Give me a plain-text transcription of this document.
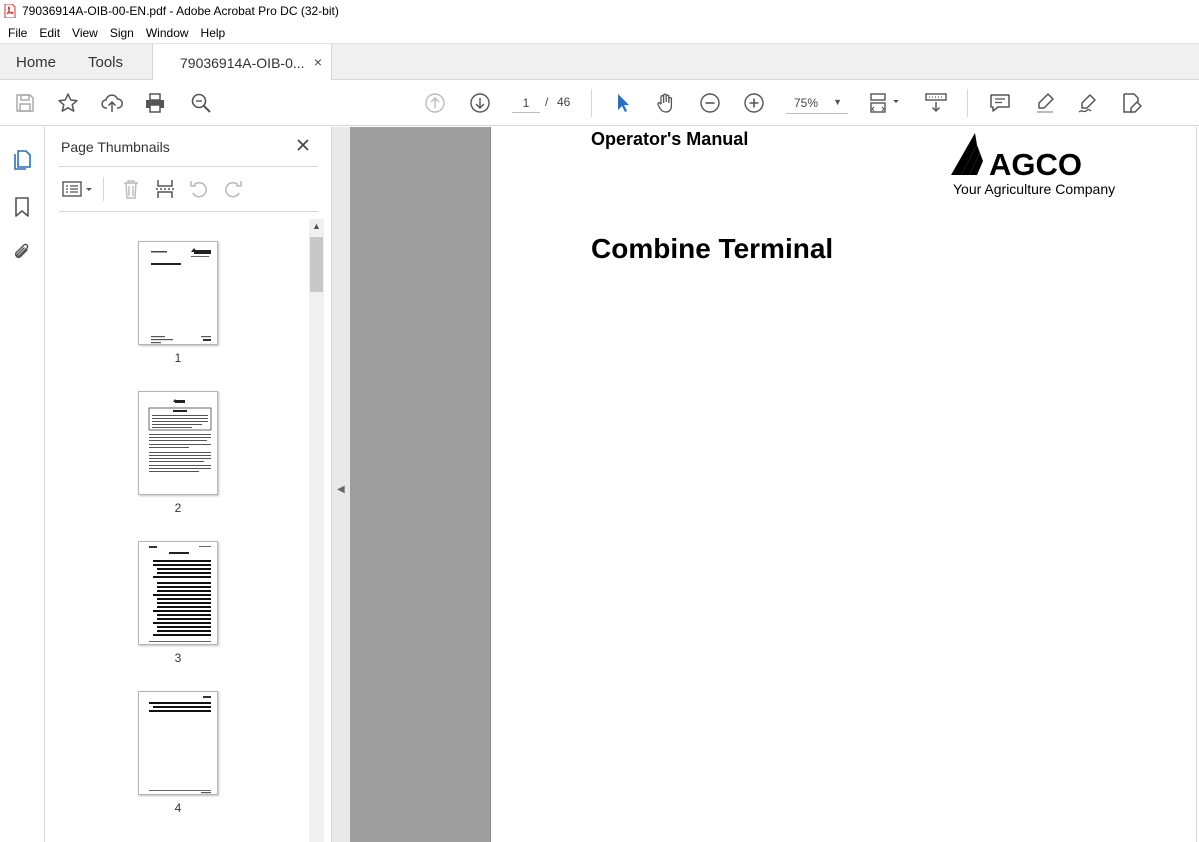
79036914A-OIB-00-EN.pdf - Adobe Acrobat Pro DC (32-bit)
File	Edit	View	Sign	Window	Help
Home Tools	79036914A-OIB-0... ×
1
/ 46	75% ▼
Page Thumbnails
1
2
3
4
▲
◀
Operator's Manual
AGCO
Your Agriculture Company
Combine Terminal
